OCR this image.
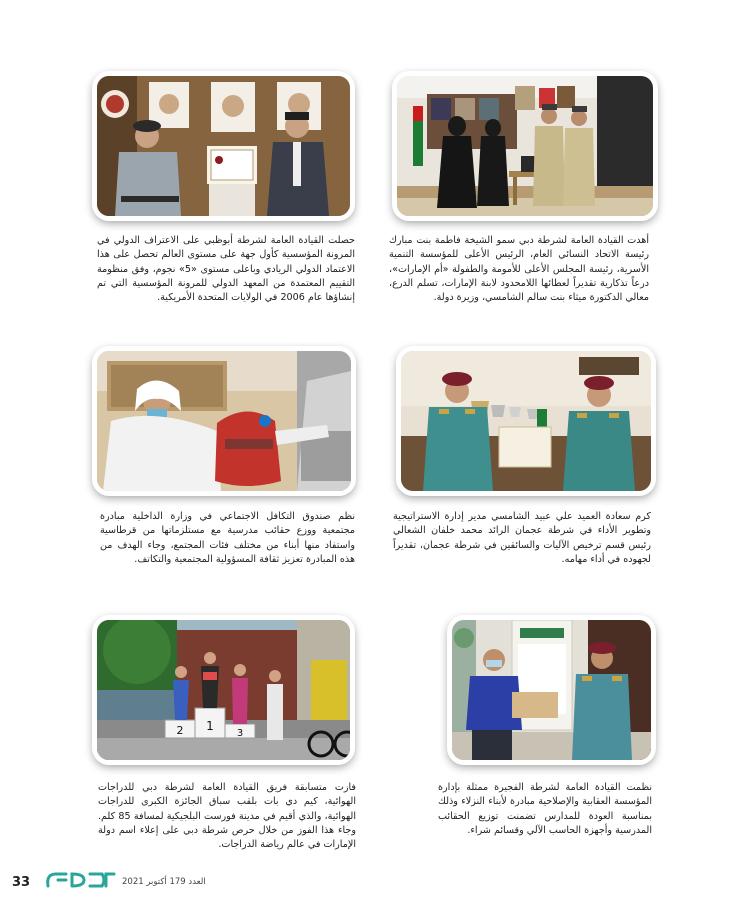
أهدت القيادة العامة لشرطة دبي سمو الشيخة فاطمة بنت مبارك رئيسة الاتحاد النسائي العام، الرئيس الأعلى للمؤسسة التنمية الأسرية، رئيسة المجلس الأعلى للأمومة والطفولة «أم الإمارات»، درعاً تذكارية تقديراً لعطائها اللامحدود لابنة الإمارات، تسلم الدرع، معالي الدكتورة ميثاء بنت سالم الشامسي، وزيرة دولة.
حصلت القيادة العامة لشرطة أبوظبي على الاعتراف الدولي في المرونة المؤسسية كأول جهة على مستوى العالم تحصل على هذا الاعتماد الدولي الريادي وباعلى مستوى «5» نجوم، وفق منظومة التقييم المعتمدة من المعهد الدولي للمرونة المؤسسية التي تم إنشاؤها عام 2006 في الولايات المتحدة الأمريكية.
كرم سعادة العميد علي عبيد الشامسي مدير إدارة الاستراتيجية وتطوير الأداء في شرطة عجمان الرائد محمد خلفان الشعالي رئيس قسم ترخيص الآليات والسائقين في شرطة عجمان، تقديراً لجهوده في أداء مهامه.
نظم صندوق التكافل الاجتماعي في وزارة الداخلية مبادرة مجتمعية ووزع حقائب مدرسية مع مستلزماتها من قرطاسية واستفاد منها أبناء من مختلف فئات المجتمع، وجاء الهدف من هذه المبادرة تعزيز ثقافة المسؤولية المجتمعية والتكاتف.
1
2	3
نظمت القيادة العامة لشرطة الفجيرة ممثلة بإدارة المؤسسة العقابية والإصلاحية مبادرة لأبناء النزلاء وذلك بمناسبة العودة للمدارس تضمنت توزيع الحقائب المدرسية وأجهزة الحاسب الآلي وقسائم شراء.
فازت متسابقة فريق القيادة العامة لشرطة دبي للدراجات الهوائية، كيم دي بات بلقب سباق الجائزة الكبرى للدراجات الهوائية، والذي أقيم في مدينة فورست البلجيكية لمسافة 85 كلم. وجاء هذا الفوز من خلال حرص شرطة دبي على إعلاء اسم دولة الإمارات في عالم رياضة الدراجات.
33	العدد 179 أكتوبر 2021
